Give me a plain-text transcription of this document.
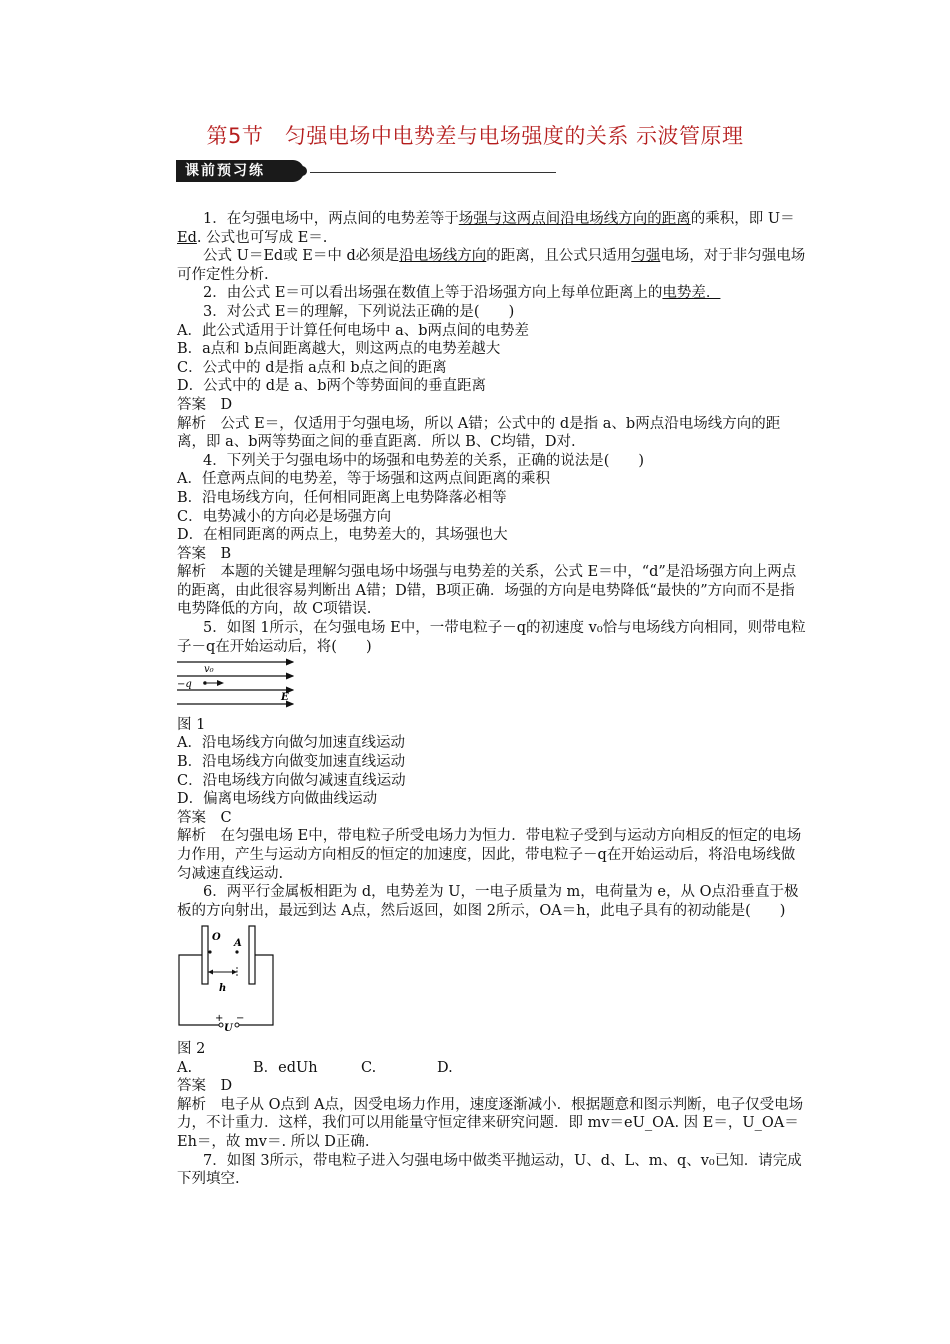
第5节　匀强电场中电势差与电场强度的关系 示波管原理
课前预习练

1．在匀强电场中，两点间的电势差等于场强与这两点间沿电场线方向的距离的乘积，即 U＝Ed. 公式也可写成 E＝.

公式 U＝Ed或 E＝中 d必须是沿电场线方向的距离，且公式只适用匀强电场，对于非匀强电场可作定性分析.

2．由公式 E＝可以看出场强在数值上等于沿场强方向上每单位距离上的电势差．

3．对公式 E＝的理解，下列说法正确的是(　　)

A．此公式适用于计算任何电场中 a、b两点间的电势差

B．a点和 b点间距离越大，则这两点的电势差越大

C．公式中的 d是指 a点和 b点之间的距离

D．公式中的 d是 a、b两个等势面间的垂直距离

答案　D

解析　公式 E＝，仅适用于匀强电场，所以 A错；公式中的 d是指 a、b两点沿电场线方向的距离，即 a、b两等势面之间的垂直距离．所以 B、C均错，D对.

4．下列关于匀强电场中的场强和电势差的关系，正确的说法是(　　)

A．任意两点间的电势差，等于场强和这两点间距离的乘积

B．沿电场线方向，任何相同距离上电势降落必相等

C．电势减小的方向必是场强方向

D．在相同距离的两点上，电势差大的，其场强也大

答案　B

解析　本题的关键是理解匀强电场中场强与电势差的关系，公式 E＝中，“d”是沿场强方向上两点的距离，由此很容易判断出 A错；D错，B项正确．场强的方向是电势降低“最快的”方向而不是指电势降低的方向，故 C项错误.

5．如图 1所示，在匀强电场 E中，一带电粒子－q的初速度 v₀恰与电场线方向相同，则带电粒子－q在开始运动后，将(　　)

v₀
−q
E

图 1

A．沿电场线方向做匀加速直线运动

B．沿电场线方向做变加速直线运动

C．沿电场线方向做匀减速直线运动

D．偏离电场线方向做曲线运动

答案　C

解析　在匀强电场 E中，带电粒子所受电场力为恒力．带电粒子受到与运动方向相反的恒定的电场力作用，产生与运动方向相反的恒定的加速度，因此，带电粒子－q在开始运动后，将沿电场线做匀减速直线运动.

6．两平行金属板相距为 d，电势差为 U，一电子质量为 m，电荷量为 e，从 O点沿垂直于极板的方向射出，最远到达 A点，然后返回，如图 2所示，OA＝h，此电子具有的初动能是(　　)

+ −
U
O
A
h

图 2

A.	B．edUh	C.	D.

答案　D

解析　电子从 O点到 A点，因受电场力作用，速度逐渐减小．根据题意和图示判断，电子仅受电场力，不计重力．这样，我们可以用能量守恒定律来研究问题．即 mv＝eU_OA. 因 E＝，U_OA＝Eh＝，故 mv＝. 所以 D正确.

7．如图 3所示，带电粒子进入匀强电场中做类平抛运动，U、d、L、m、q、v₀已知．请完成下列填空.
